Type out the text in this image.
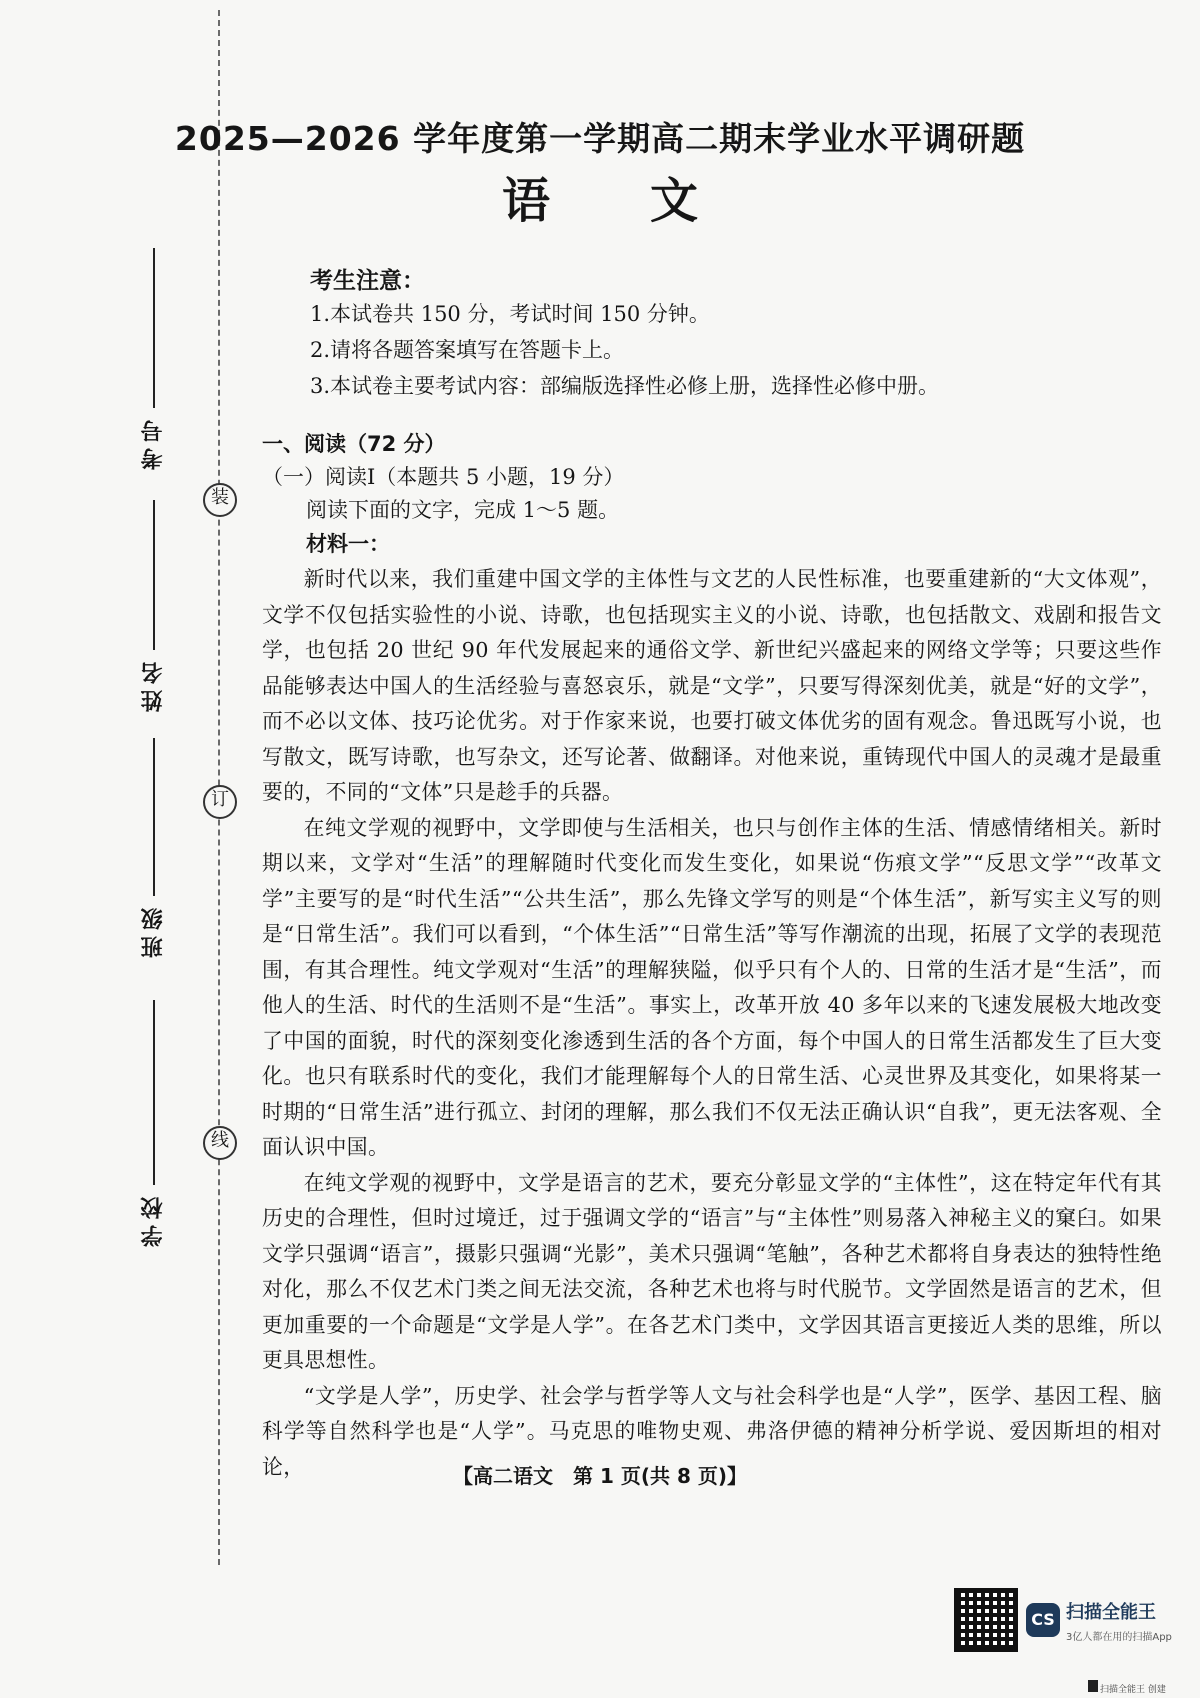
装
订
线
考号
姓名
班级
学校
2025—2026 学年度第一学期高二期末学业水平调研题
语文
考生注意：
1.本试卷共 150 分，考试时间 150 分钟。
2.请将各题答案填写在答题卡上。
3.本试卷主要考试内容：部编版选择性必修上册，选择性必修中册。
一、阅读（72 分）
（一）阅读Ⅰ（本题共 5 小题，19 分）
阅读下面的文字，完成 1～5 题。
材料一：

新时代以来，我们重建中国文学的主体性与文艺的人民性标准，也要重建新的“大文体观”，文学不仅包括实验性的小说、诗歌，也包括现实主义的小说、诗歌，也包括散文、戏剧和报告文学，也包括 20 世纪 90 年代发展起来的通俗文学、新世纪兴盛起来的网络文学等；只要这些作品能够表达中国人的生活经验与喜怒哀乐，就是“文学”，只要写得深刻优美，就是“好的文学”，而不必以文体、技巧论优劣。对于作家来说，也要打破文体优劣的固有观念。鲁迅既写小说，也写散文，既写诗歌，也写杂文，还写论著、做翻译。对他来说，重铸现代中国人的灵魂才是最重要的，不同的“文体”只是趁手的兵器。

在纯文学观的视野中，文学即使与生活相关，也只与创作主体的生活、情感情绪相关。新时期以来，文学对“生活”的理解随时代变化而发生变化，如果说“伤痕文学”“反思文学”“改革文学”主要写的是“时代生活”“公共生活”，那么先锋文学写的则是“个体生活”，新写实主义写的则是“日常生活”。我们可以看到，“个体生活”“日常生活”等写作潮流的出现，拓展了文学的表现范围，有其合理性。纯文学观对“生活”的理解狭隘，似乎只有个人的、日常的生活才是“生活”，而他人的生活、时代的生活则不是“生活”。事实上，改革开放 40 多年以来的飞速发展极大地改变了中国的面貌，时代的深刻变化渗透到生活的各个方面，每个中国人的日常生活都发生了巨大变化。也只有联系时代的变化，我们才能理解每个人的日常生活、心灵世界及其变化，如果将某一时期的“日常生活”进行孤立、封闭的理解，那么我们不仅无法正确认识“自我”，更无法客观、全面认识中国。

在纯文学观的视野中，文学是语言的艺术，要充分彰显文学的“主体性”，这在特定年代有其历史的合理性，但时过境迁，过于强调文学的“语言”与“主体性”则易落入神秘主义的窠臼。如果文学只强调“语言”，摄影只强调“光影”，美术只强调“笔触”，各种艺术都将自身表达的独特性绝对化，那么不仅艺术门类之间无法交流，各种艺术也将与时代脱节。文学固然是语言的艺术，但更加重要的一个命题是“文学是人学”。在各艺术门类中，文学因其语言更接近人类的思维，所以更具思想性。

“文学是人学”，历史学、社会学与哲学等人文与社会科学也是“人学”，医学、基因工程、脑科学等自然科学也是“人学”。马克思的唯物史观、弗洛伊德的精神分析学说、爱因斯坦的相对论，	【高二语文　第 1 页(共 8 页)】
CS 扫描全能王
3亿人都在用的扫描App
扫描全能王 创建
